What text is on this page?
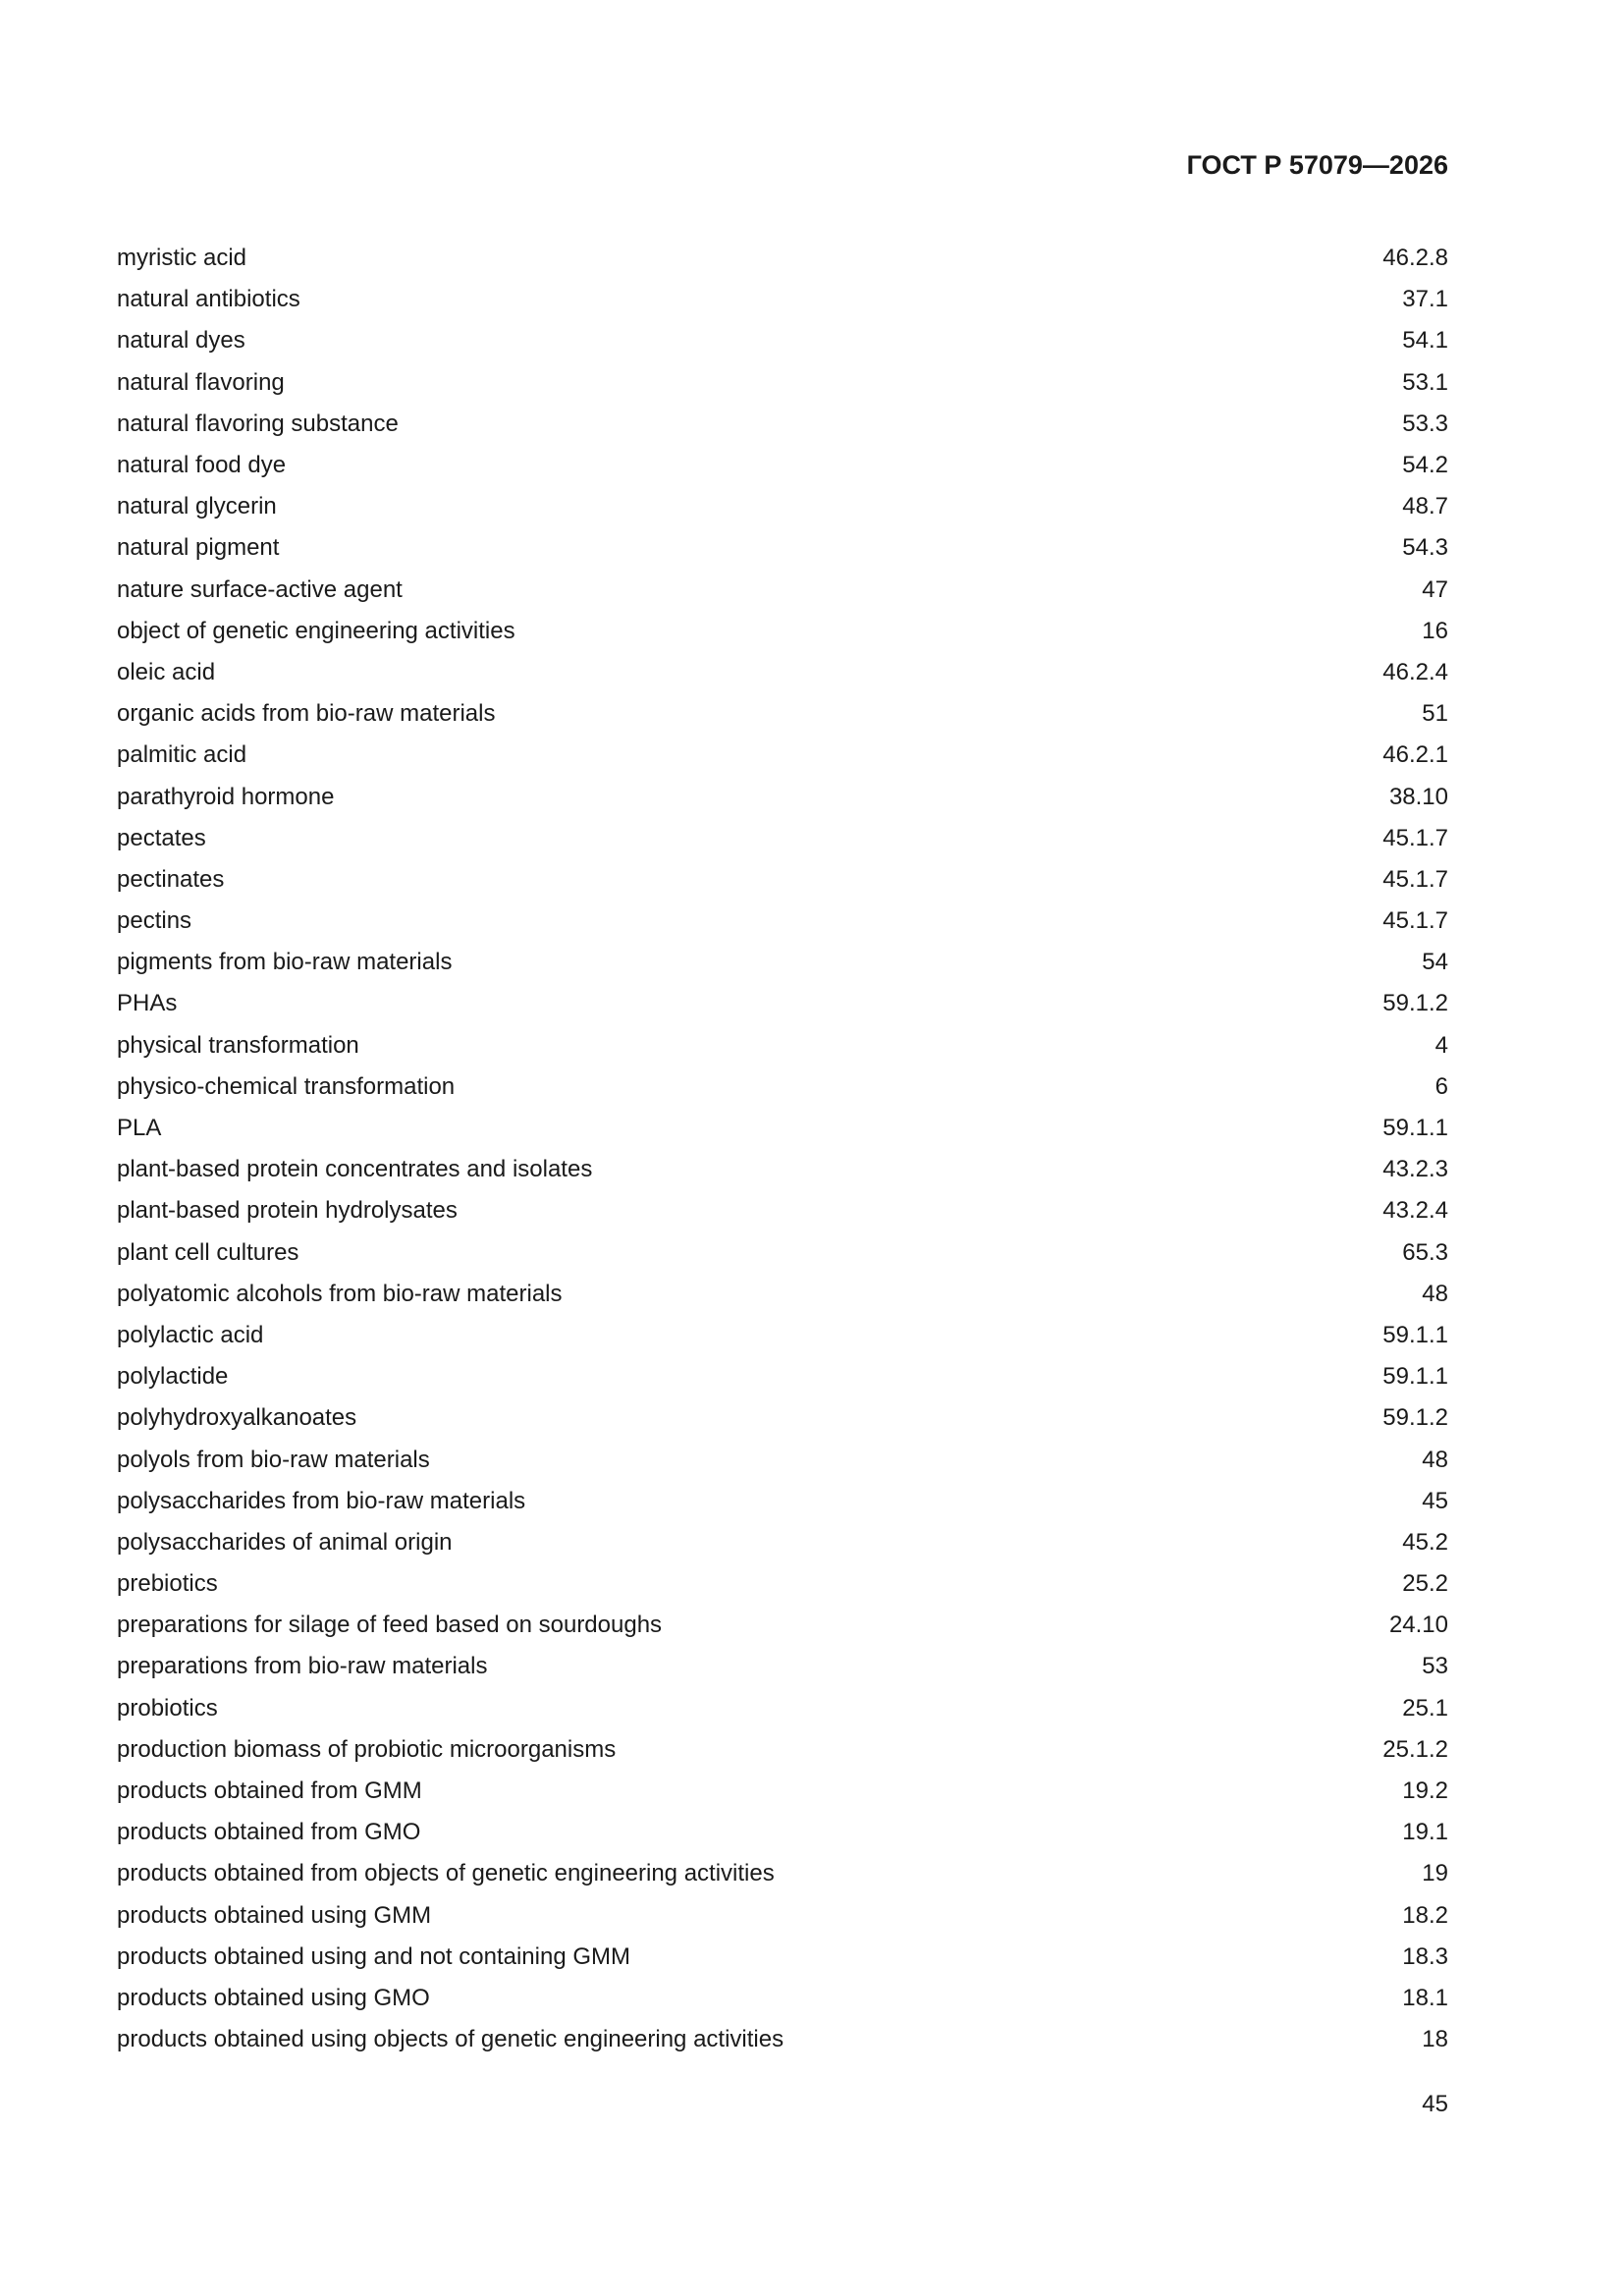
ГОСТ Р 57079—2026
myristic acid	46.2.8
natural antibiotics	37.1
natural dyes	54.1
natural flavoring	53.1
natural flavoring substance	53.3
natural food dye	54.2
natural glycerin	48.7
natural pigment	54.3
nature surface-active agent	47
object of genetic engineering activities	16
oleic acid	46.2.4
organic acids from bio-raw materials	51
palmitic acid	46.2.1
parathyroid hormone	38.10
pectates	45.1.7
pectinates	45.1.7
pectins	45.1.7
pigments from bio-raw materials	54
PHAs	59.1.2
physical transformation	4
physico-chemical transformation	6
PLA	59.1.1
plant-based protein concentrates and isolates	43.2.3
plant-based protein hydrolysates	43.2.4
plant cell cultures	65.3
polyatomic alcohols from bio-raw materials	48
polylactic acid	59.1.1
polylactide	59.1.1
polyhydroxyalkanoates	59.1.2
polyols from bio-raw materials	48
polysaccharides from bio-raw materials	45
polysaccharides of animal origin	45.2
prebiotics	25.2
preparations for silage of feed based on sourdoughs	24.10
preparations from bio-raw materials	53
probiotics	25.1
production biomass of probiotic microorganisms	25.1.2
products obtained from GMM	19.2
products obtained from GMO	19.1
products obtained from objects of genetic engineering activities	19
products obtained using GMM	18.2
products obtained using and not containing GMM	18.3
products obtained using GMO	18.1
products obtained using objects of genetic engineering activities	18
45
